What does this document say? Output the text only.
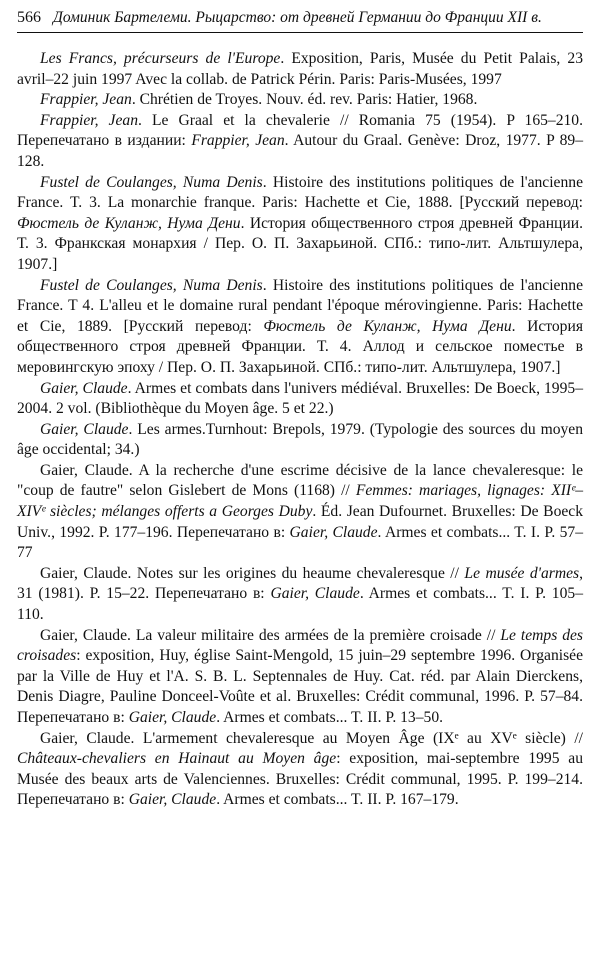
566 Доминик Бартелеми. Рыцарство: от древней Германии до Франции XII в.

Les Francs, précurseurs de l'Europe. Exposition, Paris, Musée du Petit Palais, 23 avril–22 juin 1997 Avec la collab. de Patrick Périn. Paris: Paris-Musées, 1997

Frappier, Jean. Chrétien de Troyes. Nouv. éd. rev. Paris: Hatier, 1968.

Frappier, Jean. Le Graal et la chevalerie // Romania 75 (1954). P 165–210. Перепечатано в издании: Frappier, Jean. Autour du Graal. Genève: Droz, 1977. P 89–128.

Fustel de Coulanges, Numa Denis. Histoire des institutions politiques de l'ancienne France. T. 3. La monarchie franque. Paris: Hachette et Cie, 1888. [Русский перевод: Фюстель де Куланж, Нума Дени. История общественного строя древней Франции. Т. 3. Франкская монархия / Пер. О. П. Захарьиной. СПб.: типо-лит. Альтшулера, 1907.]

Fustel de Coulanges, Numa Denis. Histoire des institutions politiques de l'ancienne France. T 4. L'alleu et le domaine rural pendant l'époque mérovingienne. Paris: Hachette et Cie, 1889. [Русский перевод: Фюстель де Куланж, Нума Дени. История общественного строя древней Франции. Т. 4. Аллод и сельское поместье в меровингскую эпоху / Пер. О. П. Захарьиной. СПб.: типо-лит. Альтшулера, 1907.]

Gaier, Claude. Armes et combats dans l'univers médiéval. Bruxelles: De Boeck, 1995–2004. 2 vol. (Bibliothèque du Moyen âge. 5 et 22.)

Gaier, Claude. Les armes.Turnhout: Brepols, 1979. (Typologie des sources du moyen âge occidental; 34.)

Gaier, Claude. A la recherche d'une escrime décisive de la lance chevaleresque: le "coup de fautre" selon Gislebert de Mons (1168) // Femmes: mariages, lignages: XIIᵉ–XIVᵉ siècles; mélanges offerts a Georges Duby. Éd. Jean Dufournet. Bruxelles: De Boeck Univ., 1992. P. 177–196. Перепечатано в: Gaier, Claude. Armes et combats... T. I. P. 57–77

Gaier, Claude. Notes sur les origines du heaume chevaleresque // Le musée d'armes, 31 (1981). P. 15–22. Перепечатано в: Gaier, Claude. Armes et combats... T. I. P. 105–110.

Gaier, Claude. La valeur militaire des armées de la première croisade // Le temps des croisades: exposition, Huy, église Saint-Mengold, 15 juin–29 septembre 1996. Organisée par la Ville de Huy et l'A. S. B. L. Septennales de Huy. Cat. réd. par Alain Dierckens, Denis Diagre, Pauline Donceel-Voûte et al. Bruxelles: Crédit communal, 1996. P. 57–84. Перепечатано в: Gaier, Claude. Armes et combats... T. II. P. 13–50.

Gaier, Claude. L'armement chevaleresque au Moyen Âge (IXᵉ au XVᵉ siècle) // Châteaux-chevaliers en Hainaut au Moyen âge: exposition, mai-septembre 1995 au Musée des beaux arts de Valenciennes. Bruxelles: Crédit communal, 1995. P. 199–214. Перепечатано в: Gaier, Claude. Armes et combats... T. II. P. 167–179.
